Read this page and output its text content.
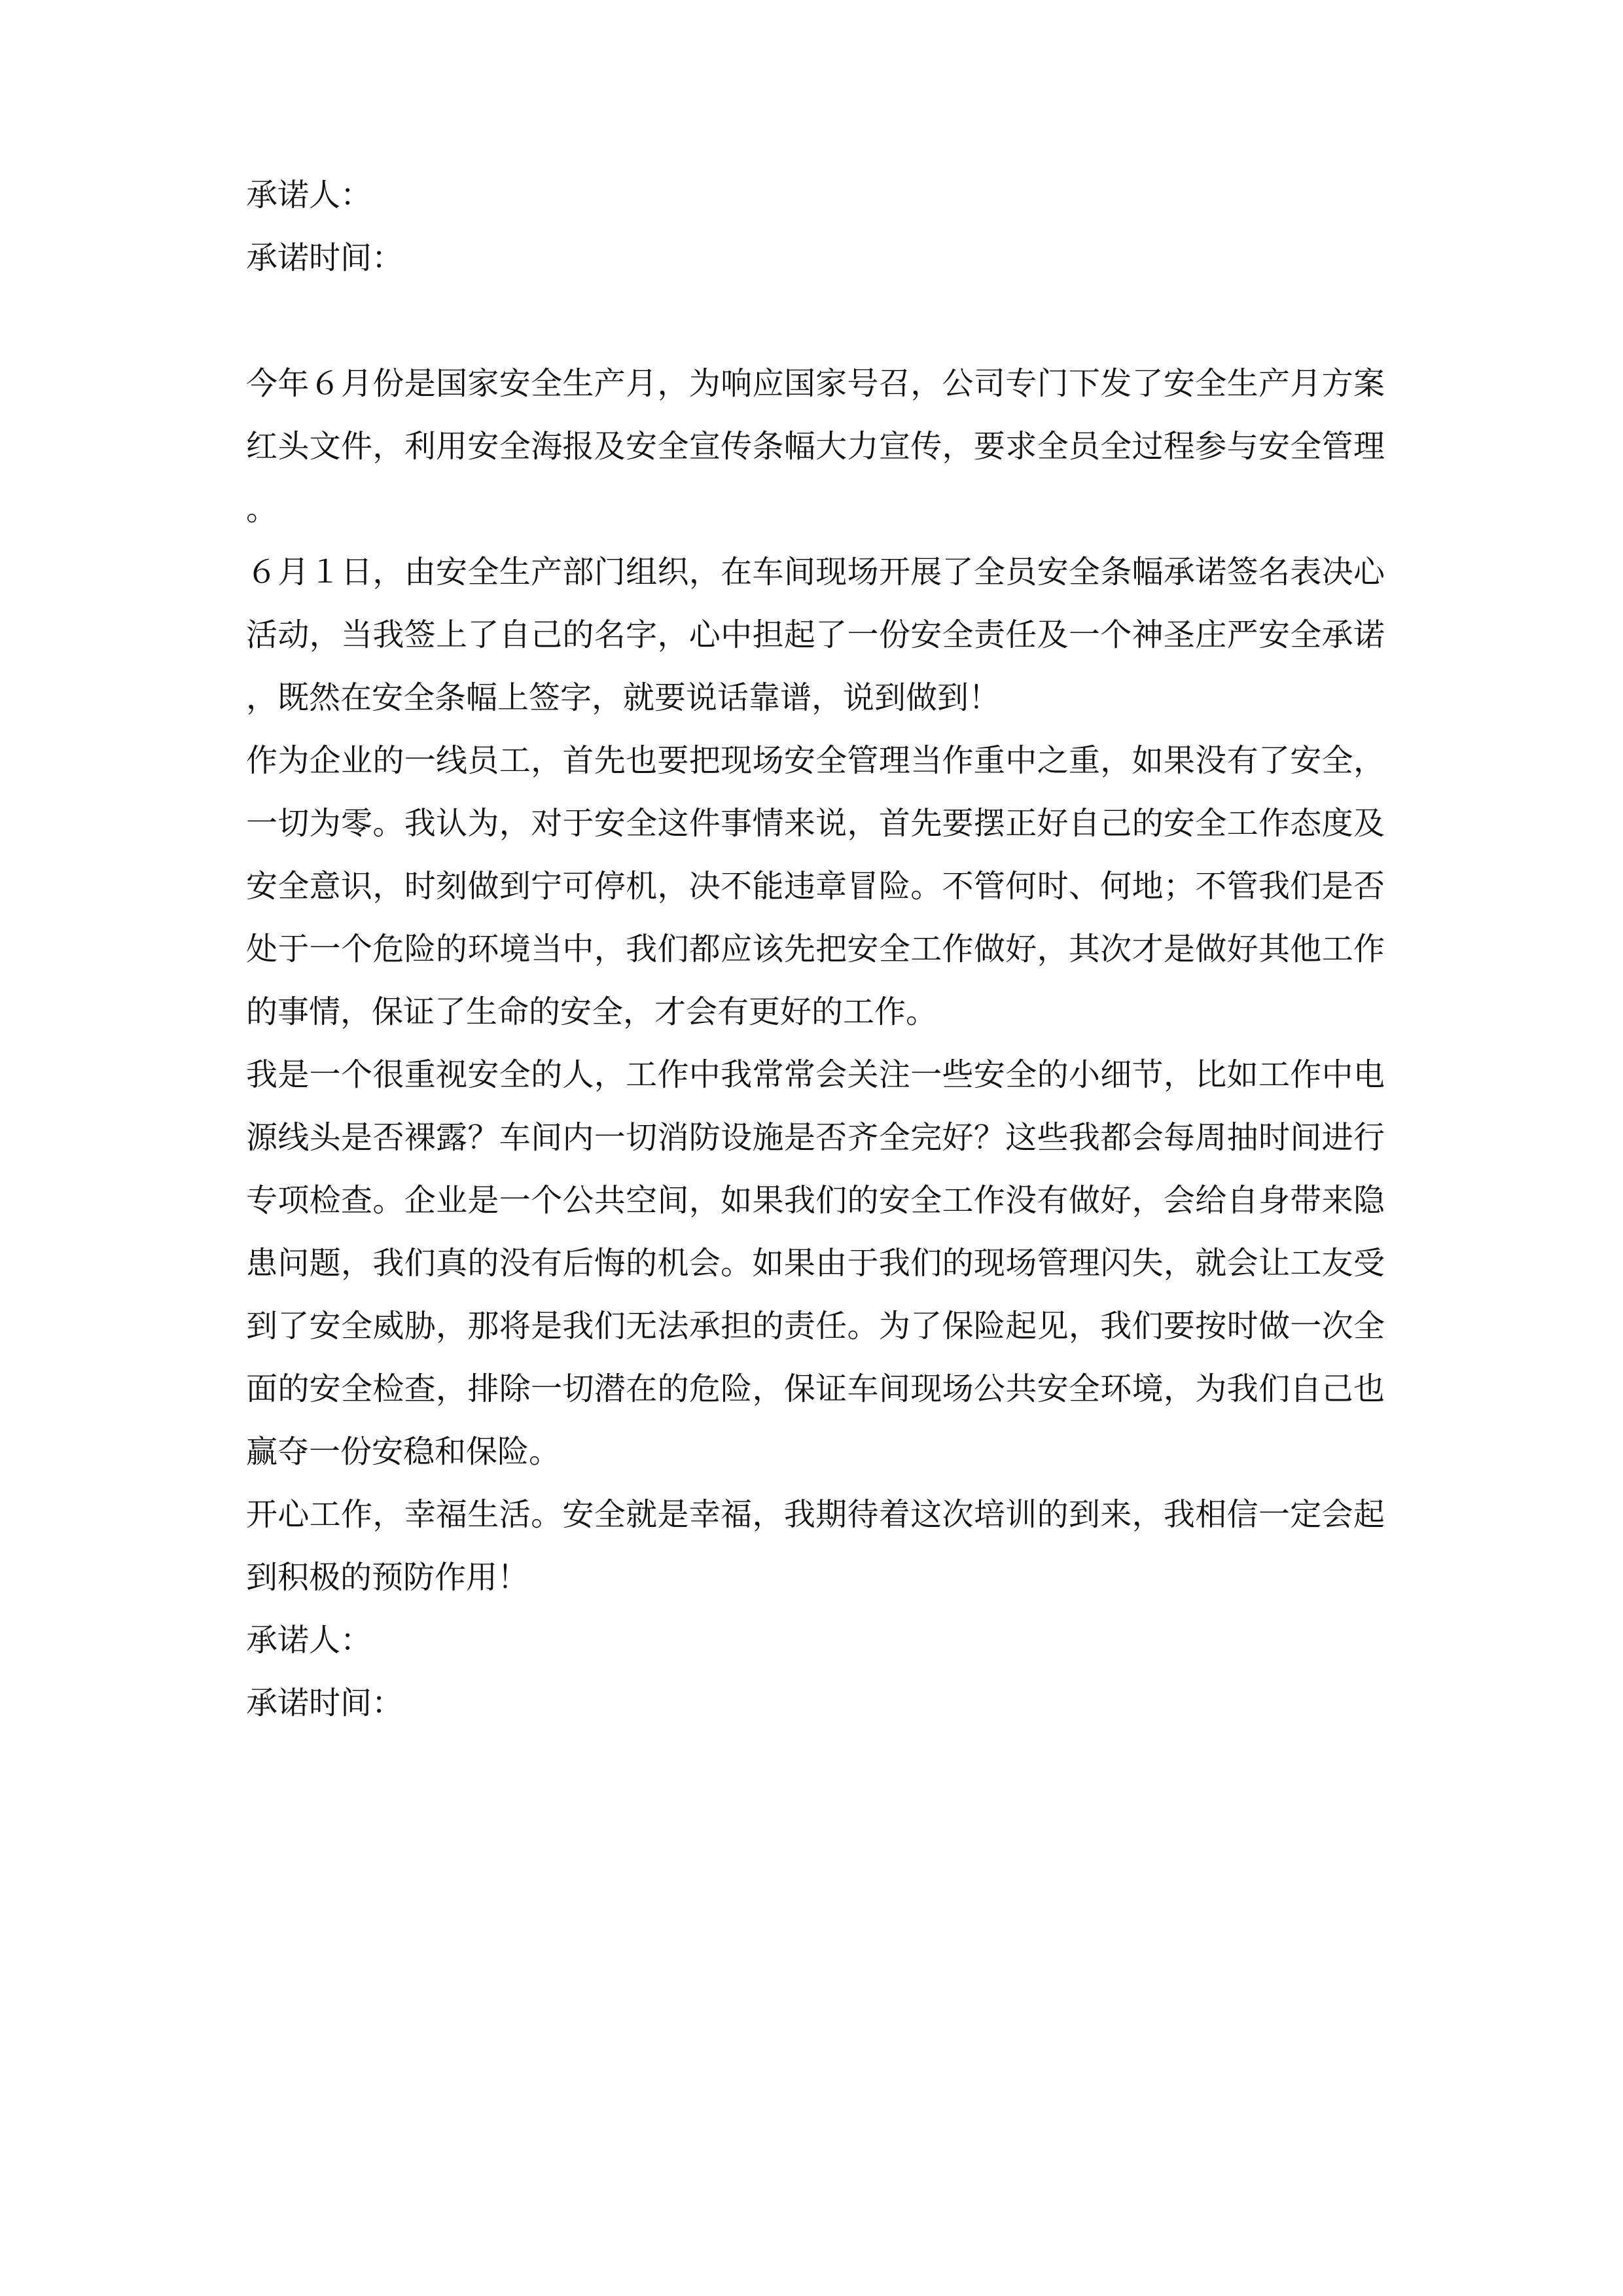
承诺人：

承诺时间：

今年６月份是国家安全生产月，为响应国家号召，公司专门下发了安全生产月方案红头文件，利用安全海报及安全宣传条幅大力宣传，要求全员全过程参与安全管理。

６月１日，由安全生产部门组织，在车间现场开展了全员安全条幅承诺签名表决心活动，当我签上了自己的名字，心中担起了一份安全责任及一个神圣庄严安全承诺，既然在安全条幅上签字，就要说话靠谱，说到做到！

作为企业的一线员工，首先也要把现场安全管理当作重中之重，如果没有了安全，一切为零。我认为，对于安全这件事情来说，首先要摆正好自己的安全工作态度及安全意识，时刻做到宁可停机，决不能违章冒险。不管何时、何地；不管我们是否处于一个危险的环境当中，我们都应该先把安全工作做好，其次才是做好其他工作的事情，保证了生命的安全，才会有更好的工作。

我是一个很重视安全的人，工作中我常常会关注一些安全的小细节，比如工作中电源线头是否裸露？车间内一切消防设施是否齐全完好？这些我都会每周抽时间进行专项检查。企业是一个公共空间，如果我们的安全工作没有做好，会给自身带来隐患问题，我们真的没有后悔的机会。如果由于我们的现场管理闪失，就会让工友受到了安全威胁，那将是我们无法承担的责任。为了保险起见，我们要按时做一次全面的安全检查，排除一切潜在的危险，保证车间现场公共安全环境，为我们自己也赢夺一份安稳和保险。

开心工作，幸福生活。安全就是幸福，我期待着这次培训的到来，我相信一定会起到积极的预防作用！

承诺人：

承诺时间：
